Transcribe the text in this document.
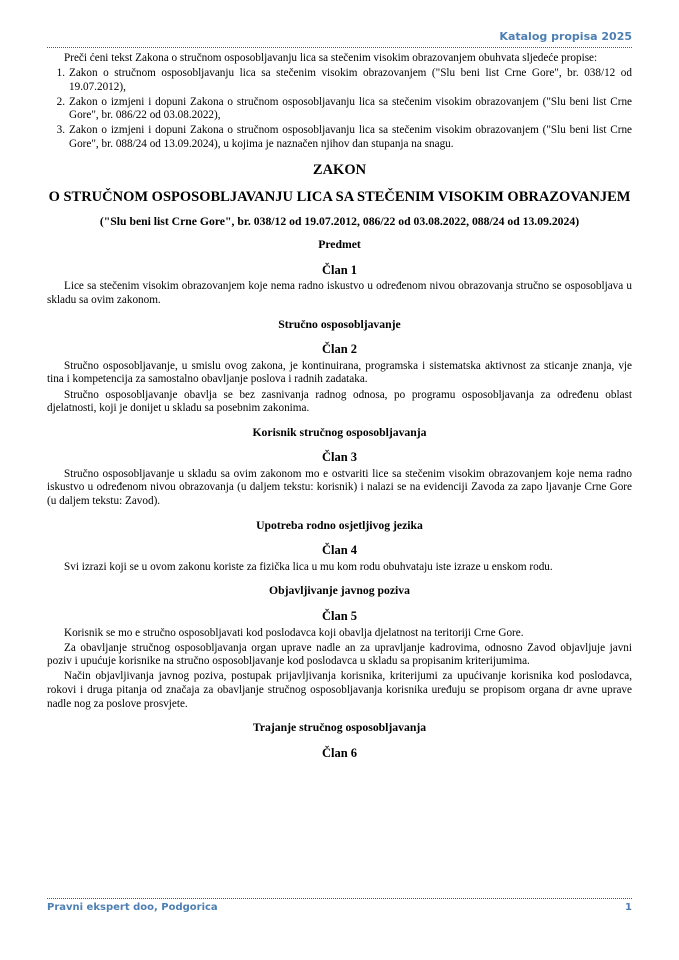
Katalog propisa 2025

Preči ćeni tekst Zakona o stručnom osposobljavanju lica sa stečenim visokim obrazovanjem obuhvata sljedeće propise:

1. Zakon o stručnom osposobljavanju lica sa stečenim visokim obrazovanjem ("Slu beni list Crne Gore", br. 038/12 od 19.07.2012),
2. Zakon o izmjeni i dopuni Zakona o stručnom osposobljavanju lica sa stečenim visokim obrazovanjem ("Slu beni list Crne Gore", br. 086/22 od 03.08.2022),
3. Zakon o izmjeni i dopuni Zakona o stručnom osposobljavanju lica sa stečenim visokim obrazovanjem ("Slu beni list Crne Gore", br. 088/24 od 13.09.2024), u kojima je naznačen njihov dan stupanja na snagu.
ZAKON
O STRUČNOM OSPOSOBLJAVANJU LICA SA STEČENIM VISOKIM OBRAZOVANJEM
("Slu beni list Crne Gore", br. 038/12 od 19.07.2012, 086/22 od 03.08.2022, 088/24 od 13.09.2024)
Predmet
Član 1

Lice sa stečenim visokim obrazovanjem koje nema radno iskustvo u određenom nivou obrazovanja stručno se osposobljava u skladu sa ovim zakonom.

Stručno osposobljavanje
Član 2

Stručno osposobljavanje, u smislu ovog zakona, je kontinuirana, programska i sistematska aktivnost za sticanje znanja, vje tina i kompetencija za samostalno obavljanje poslova i radnih zadataka.

Stručno osposobljavanje obavlja se bez zasnivanja radnog odnosa, po programu osposobljavanja za određenu oblast djelatnosti, koji je donijet u skladu sa posebnim zakonima.

Korisnik stručnog osposobljavanja
Član 3

Stručno osposobljavanje u skladu sa ovim zakonom mo e ostvariti lice sa stečenim visokim obrazovanjem koje nema radno iskustvo u određenom nivou obrazovanja (u daljem tekstu: korisnik) i nalazi se na evidenciji Zavoda za zapo ljavanje Crne Gore (u daljem tekstu: Zavod).

Upotreba rodno osjetljivog jezika
Član 4

Svi izrazi koji se u ovom zakonu koriste za fizička lica u mu kom rodu obuhvataju iste izraze u enskom rodu.

Objavljivanje javnog poziva
Član 5

Korisnik se mo e stručno osposobljavati kod poslodavca koji obavlja djelatnost na teritoriji Crne Gore.

Za obavljanje stručnog osposobljavanja organ uprave nadle an za upravljanje kadrovima, odnosno Zavod objavljuje javni poziv i upućuje korisnike na stručno osposobljavanje kod poslodavca u skladu sa propisanim kriterijumima.

Način objavljivanja javnog poziva, postupak prijavljivanja korisnika, kriterijumi za upućivanje korisnika kod poslodavca, rokovi i druga pitanja od značaja za obavljanje stručnog osposobljavanja korisnika uređuju se propisom organa dr avne uprave nadle nog za poslove prosvjete.

Trajanje stručnog osposobljavanja
Član 6
Pravni ekspert doo, Podgorica	1
